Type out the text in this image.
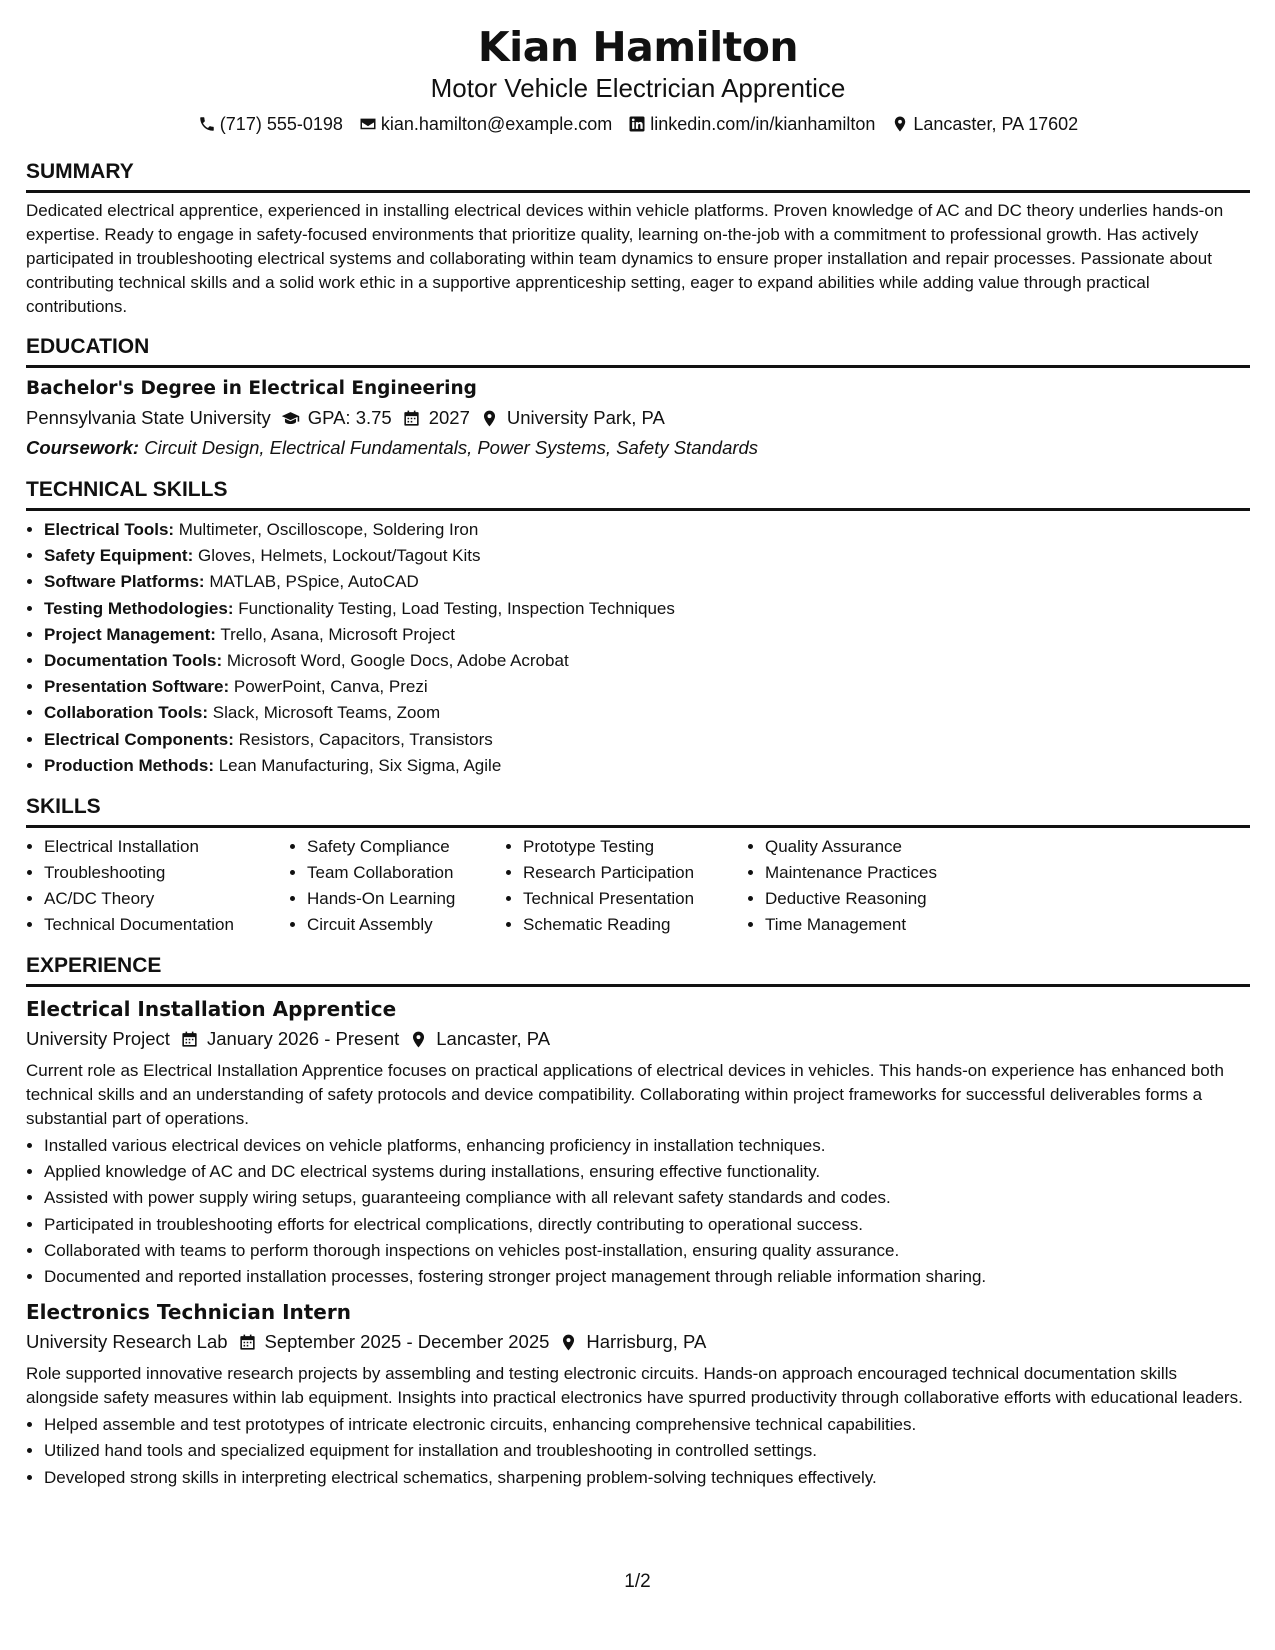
Kian Hamilton
Motor Vehicle Electrician Apprentice
(717) 555-0198 kian.hamilton@example.com linkedin.com/in/kianhamilton Lancaster, PA 17602
SUMMARY

Dedicated electrical apprentice, experienced in installing electrical devices within vehicle platforms. Proven knowledge of AC and DC theory underlies hands-on expertise. Ready to engage in safety-focused environments that prioritize quality, learning on-the-job with a commitment to professional growth. Has actively participated in troubleshooting electrical systems and collaborating within team dynamics to ensure proper installation and repair processes. Passionate about contributing technical skills and a solid work ethic in a supportive apprenticeship setting, eager to expand abilities while adding value through practical contributions.

EDUCATION
Bachelor's Degree in Electrical Engineering
Pennsylvania State University GPA: 3.75 2027 University Park, PA
Coursework: Circuit Design, Electrical Fundamentals, Power Systems, Safety Standards
TECHNICAL SKILLS
• Electrical Tools: Multimeter, Oscilloscope, Soldering Iron
• Safety Equipment: Gloves, Helmets, Lockout/Tagout Kits
• Software Platforms: MATLAB, PSpice, AutoCAD
• Testing Methodologies: Functionality Testing, Load Testing, Inspection Techniques
• Project Management: Trello, Asana, Microsoft Project
• Documentation Tools: Microsoft Word, Google Docs, Adobe Acrobat
• Presentation Software: PowerPoint, Canva, Prezi
• Collaboration Tools: Slack, Microsoft Teams, Zoom
• Electrical Components: Resistors, Capacitors, Transistors
• Production Methods: Lean Manufacturing, Six Sigma, Agile
SKILLS
• Electrical Installation
• Troubleshooting
• AC/DC Theory
• Technical Documentation
• Safety Compliance
• Team Collaboration
• Hands-On Learning
• Circuit Assembly
• Prototype Testing
• Research Participation
• Technical Presentation
• Schematic Reading
• Quality Assurance
• Maintenance Practices
• Deductive Reasoning
• Time Management
EXPERIENCE
Electrical Installation Apprentice
University Project January 2026 - Present Lancaster, PA

Current role as Electrical Installation Apprentice focuses on practical applications of electrical devices in vehicles. This hands-on experience has enhanced both technical skills and an understanding of safety protocols and device compatibility. Collaborating within project frameworks for successful deliverables forms a substantial part of operations.

• Installed various electrical devices on vehicle platforms, enhancing proficiency in installation techniques.
• Applied knowledge of AC and DC electrical systems during installations, ensuring effective functionality.
• Assisted with power supply wiring setups, guaranteeing compliance with all relevant safety standards and codes.
• Participated in troubleshooting efforts for electrical complications, directly contributing to operational success.
• Collaborated with teams to perform thorough inspections on vehicles post-installation, ensuring quality assurance.
• Documented and reported installation processes, fostering stronger project management through reliable information sharing.
Electronics Technician Intern
University Research Lab September 2025 - December 2025 Harrisburg, PA

Role supported innovative research projects by assembling and testing electronic circuits. Hands-on approach encouraged technical documentation skills alongside safety measures within lab equipment. Insights into practical electronics have spurred productivity through collaborative efforts with educational leaders.

• Helped assemble and test prototypes of intricate electronic circuits, enhancing comprehensive technical capabilities.
• Utilized hand tools and specialized equipment for installation and troubleshooting in controlled settings.
• Developed strong skills in interpreting electrical schematics, sharpening problem-solving techniques effectively.
1/2
